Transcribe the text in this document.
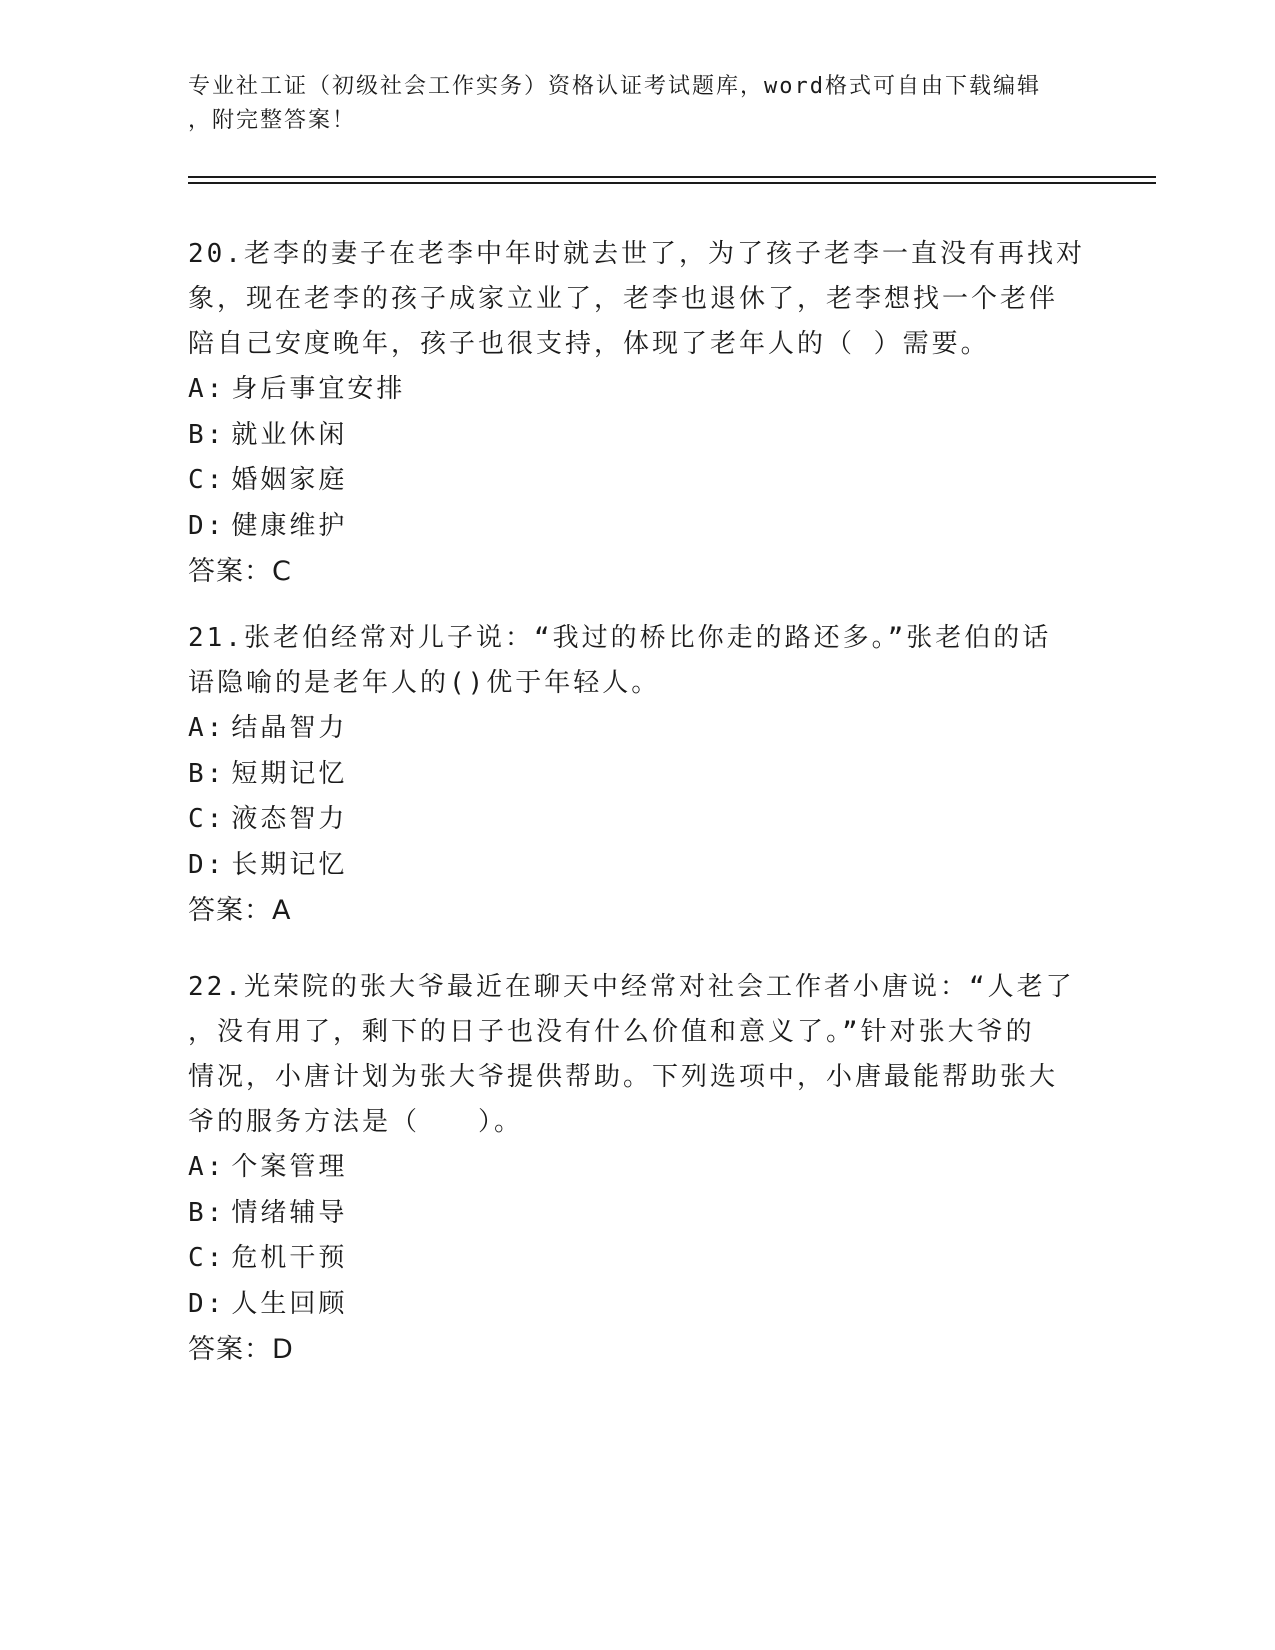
专业社工证（初级社会工作实务）资格认证考试题库，word格式可自由下载编辑
，附完整答案！
20.老李的妻子在老李中年时就去世了，为了孩子老李一直没有再找对
象，现在老李的孩子成家立业了，老李也退休了，老李想找一个老伴
陪自己安度晚年，孩子也很支持，体现了老年人的（ ）需要。
A: 身后事宜安排
B: 就业休闲
C: 婚姻家庭
D: 健康维护
答案：C
21.张老伯经常对儿子说：“我过的桥比你走的路还多。”张老伯的话
语隐喻的是老年人的()优于年轻人。
A: 结晶智力
B: 短期记忆
C: 液态智力
D: 长期记忆
答案：A
22.光荣院的张大爷最近在聊天中经常对社会工作者小唐说：“人老了
，没有用了，剩下的日子也没有什么价值和意义了。”针对张大爷的
情况，小唐计划为张大爷提供帮助。下列选项中，小唐最能帮助张大
爷的服务方法是（　　）。
A: 个案管理
B: 情绪辅导
C: 危机干预
D: 人生回顾
答案：D
